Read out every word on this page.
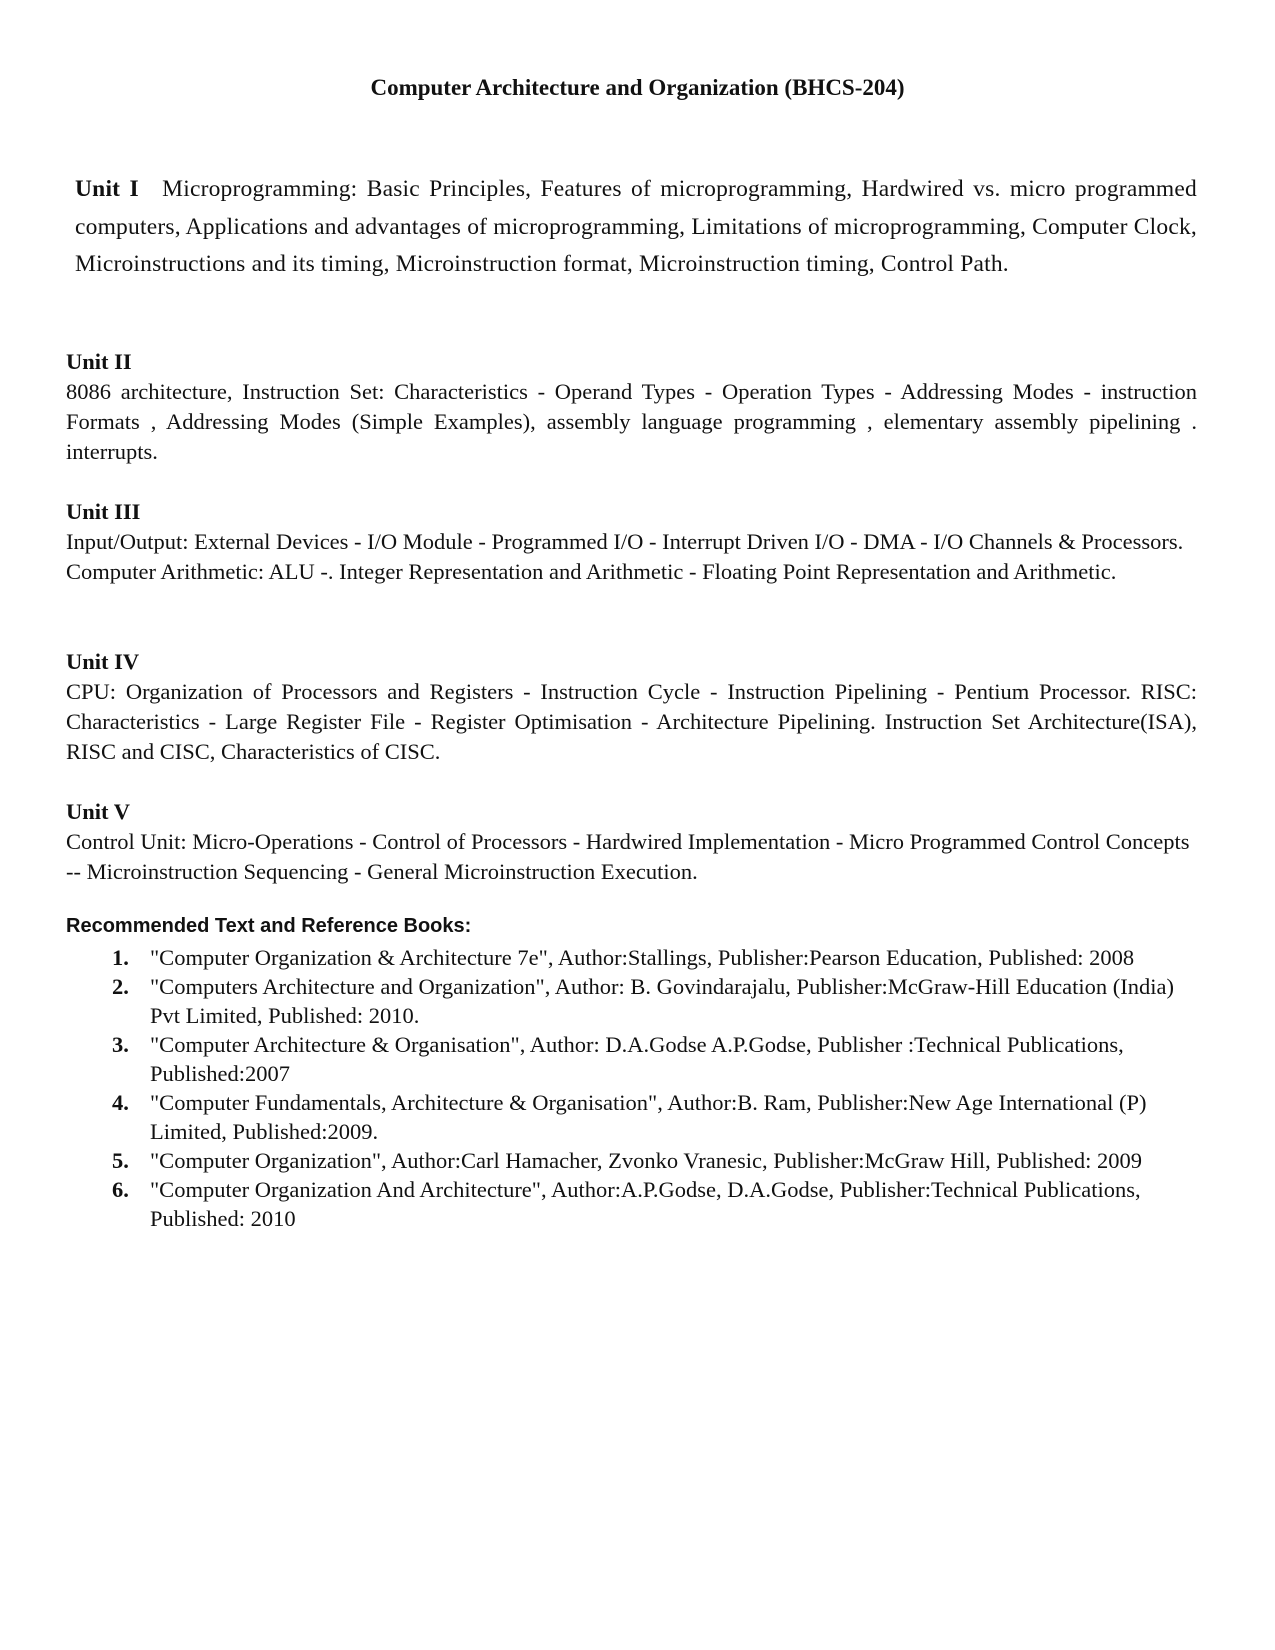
Computer Architecture and Organization (BHCS-204)
Unit I Microprogramming: Basic Principles, Features of microprogramming, Hardwired vs. micro programmed computers, Applications and advantages of microprogramming, Limitations of microprogramming, Computer Clock, Microinstructions and its timing, Microinstruction format, Microinstruction timing, Control Path.
Unit II
8086 architecture, Instruction Set: Characteristics - Operand Types - Operation Types - Addressing Modes - instruction Formats , Addressing Modes (Simple Examples), assembly language programming , elementary assembly pipelining . interrupts.
Unit III
Input/Output: External Devices - I/O Module - Programmed I/O - Interrupt Driven I/O - DMA - I/O Channels & Processors. Computer Arithmetic: ALU -. Integer Representation and Arithmetic - Floating Point Representation and Arithmetic.
Unit IV
CPU: Organization of Processors and Registers - Instruction Cycle - Instruction Pipelining - Pentium Processor. RISC: Characteristics - Large Register File - Register Optimisation - Architecture Pipelining. Instruction Set Architecture(ISA), RISC and CISC, Characteristics of CISC.
Unit V
Control Unit: Micro-Operations - Control of Processors - Hardwired Implementation - Micro Programmed Control Concepts -- Microinstruction Sequencing - General Microinstruction Execution.
Recommended Text and Reference Books:
1. "Computer Organization & Architecture 7e", Author:Stallings, Publisher:Pearson Education, Published: 2008
2. "Computers Architecture and Organization", Author: B. Govindarajalu, Publisher:McGraw-Hill Education (India) Pvt Limited, Published: 2010.
3. "Computer Architecture & Organisation", Author: D.A.Godse A.P.Godse, Publisher :Technical Publications, Published:2007
4. "Computer Fundamentals, Architecture & Organisation", Author:B. Ram, Publisher:New Age International (P) Limited, Published:2009.
5. "Computer Organization", Author:Carl Hamacher, Zvonko Vranesic, Publisher:McGraw Hill, Published: 2009
6. "Computer Organization And Architecture", Author:A.P.Godse, D.A.Godse, Publisher:Technical Publications, Published: 2010
